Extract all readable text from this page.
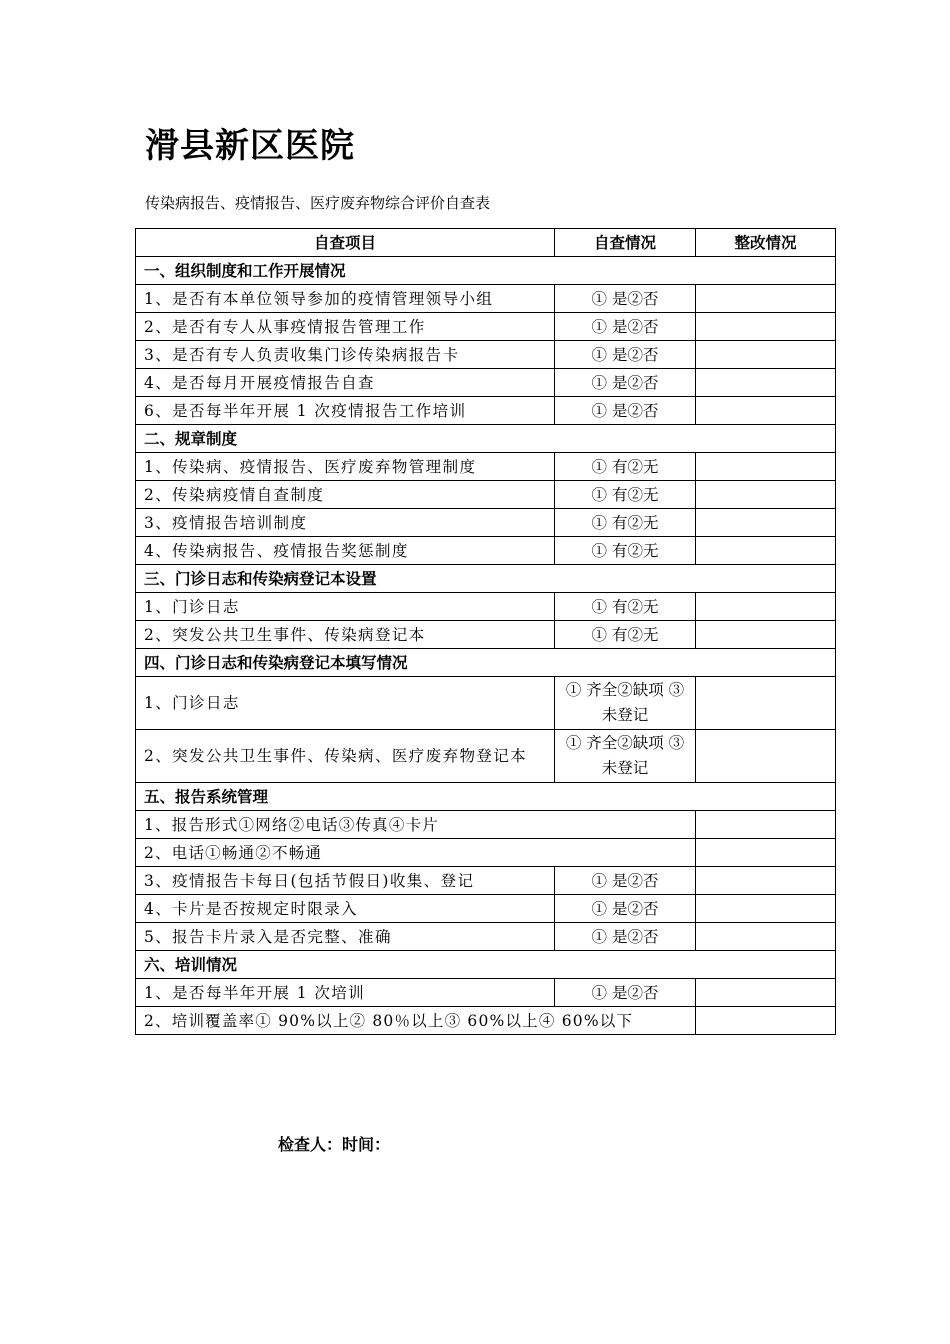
滑县新区医院

传染病报告、疫情报告、医疗废弃物综合评价自查表

自查项目	自查情况	整改情况
一、组织制度和工作开展情况		
1、是否有本单位领导参加的疫情管理领导小组	① 是②否	
2、是否有专人从事疫情报告管理工作	① 是②否	
3、是否有专人负责收集门诊传染病报告卡	① 是②否	
4、是否每月开展疫情报告自查	① 是②否	
6、是否每半年开展 1 次疫情报告工作培训	① 是②否	
二、规章制度		
1、传染病、疫情报告、医疗废弃物管理制度	① 有②无	
2、传染病疫情自查制度	① 有②无	
3、疫情报告培训制度	① 有②无	
4、传染病报告、疫情报告奖惩制度	① 有②无	
三、门诊日志和传染病登记本设置		
1、门诊日志	① 有②无	
2、突发公共卫生事件、传染病登记本	① 有②无	
四、门诊日志和传染病登记本填写情况		
1、门诊日志	① 齐全②缺项 ③未登记	
2、突发公共卫生事件、传染病、医疗废弃物登记本	① 齐全②缺项 ③未登记	
五、报告系统管理		
1、报告形式①网络②电话③传真④卡片		
2、电话①畅通②不畅通		
3、疫情报告卡每日(包括节假日)收集、登记	① 是②否	
4、卡片是否按规定时限录入	① 是②否	
5、报告卡片录入是否完整、准确	① 是②否	
六、培训情况		
1、是否每半年开展 1 次培训	① 是②否	
2、培训覆盖率① 90%以上② 80％以上③ 60%以上④ 60%以下		

检查人：时间：
